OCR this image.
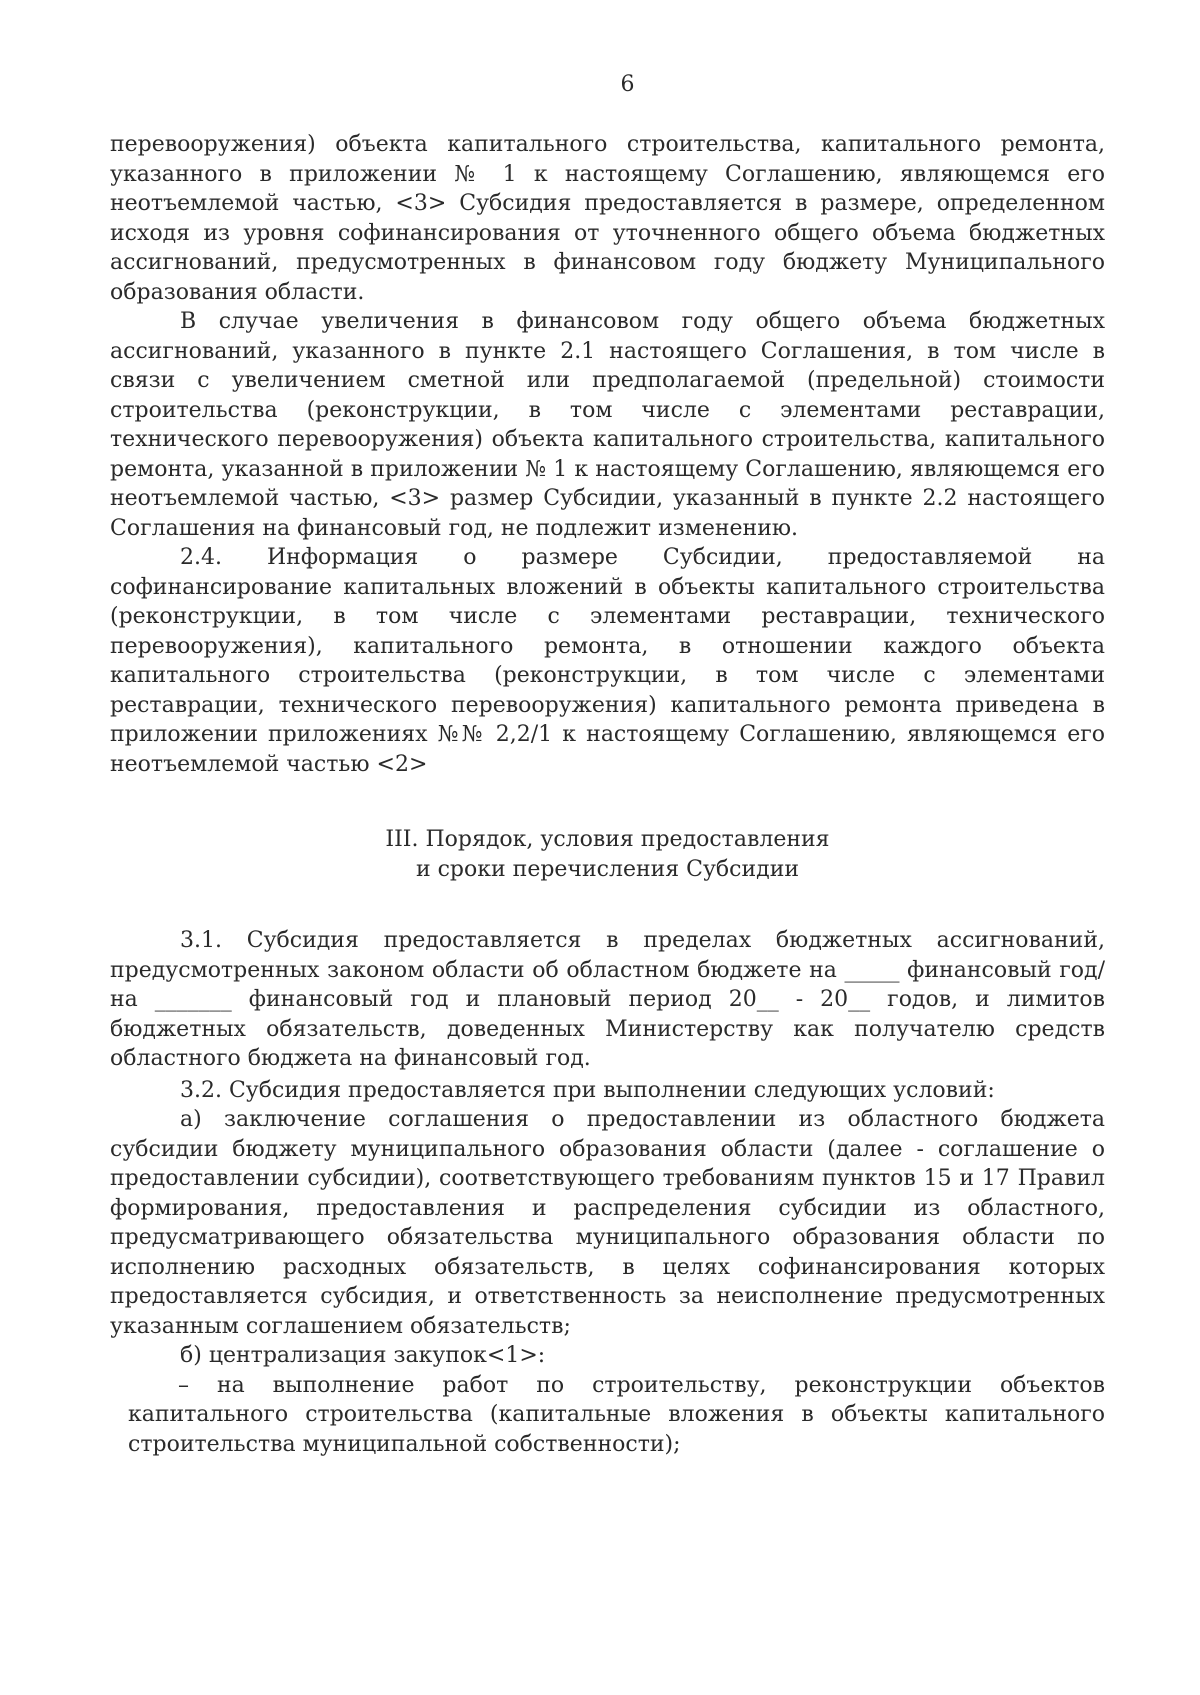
6

перевооружения) объекта капитального строительства, капитального ремонта, указанного в приложении № 1 к настоящему Соглашению, являющемся его неотъемлемой частью, <3> Субсидия предоставляется в размере, определенном исходя из уровня софинансирования от уточненного общего объема бюджетных ассигнований, предусмотренных в финансовом году бюджету Муниципального образования области.

В случае увеличения в финансовом году общего объема бюджетных ассигнований, указанного в пункте 2.1 настоящего Соглашения, в том числе в связи с увеличением сметной или предполагаемой (предельной) стоимости строительства (реконструкции, в том числе с элементами реставрации, технического перевооружения) объекта капитального строительства, капитального ремонта, указанной в приложении № 1 к настоящему Соглашению, являющемся его неотъемлемой частью, <3> размер Субсидии, указанный в пункте 2.2 настоящего Соглашения на финансовый год, не подлежит изменению.

2.4. Информация о размере Субсидии, предоставляемой на софинансирование капитальных вложений в объекты капитального строительства (реконструкции, в том числе с элементами реставрации, технического перевооружения), капитального ремонта, в отношении каждого объекта капитального строительства (реконструкции, в том числе с элементами реставрации, технического перевооружения) капитального ремонта приведена в приложении приложениях №№ 2,2/1 к настоящему Соглашению, являющемся его неотъемлемой частью <2>

III. Порядок, условия предоставления
и сроки перечисления Субсидии

3.1. Субсидия предоставляется в пределах бюджетных ассигнований, предусмотренных законом области об областном бюджете на _____ финансовый год/на _______ финансовый год и плановый период 20__ - 20__ годов, и лимитов бюджетных обязательств, доведенных Министерству как получателю средств областного бюджета на финансовый год.

3.2. Субсидия предоставляется при выполнении следующих условий:

а) заключение соглашения о предоставлении из областного бюджета субсидии бюджету муниципального образования области (далее - соглашение о предоставлении субсидии), соответствующего требованиям пунктов 15 и 17 Правил формирования, предоставления и распределения субсидии из областного, предусматривающего обязательства муниципального образования области по исполнению расходных обязательств, в целях софинансирования которых предоставляется субсидия, и ответственность за неисполнение предусмотренных указанным соглашением обязательств;

б) централизация закупок<1>:

– на выполнение работ по строительству, реконструкции объектов капитального строительства (капитальные вложения в объекты капитального строительства муниципальной собственности);
